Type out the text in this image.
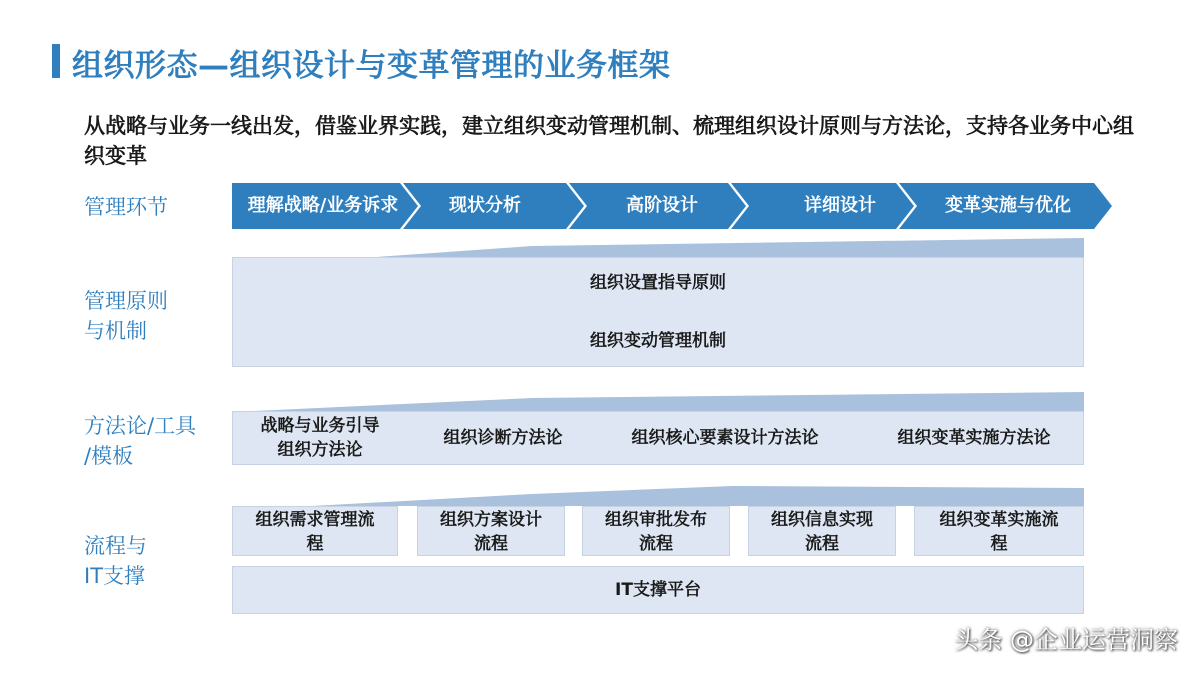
组织形态—组织设计与变革管理的业务框架
从战略与业务一线出发，借鉴业界实践，建立组织变动管理机制、梳理组织设计原则与方法论，支持各业务中心组织变革
管理环节
管理原则
与机制
方法论/工具
/模板
流程与
IT支撑
理解战略/业务诉求	现状分析	高阶设计	详细设计	变革实施与优化
组织设置指导原则
组织变动管理机制
战略与业务引导
组织方法论
组织诊断方法论	组织核心要素设计方法论	组织变革实施方法论
组织需求管理流
程
组织方案设计
流程
组织审批发布
流程
组织信息实现
流程
组织变革实施流
程
IT支撑平台
头条 @企业运营洞察
